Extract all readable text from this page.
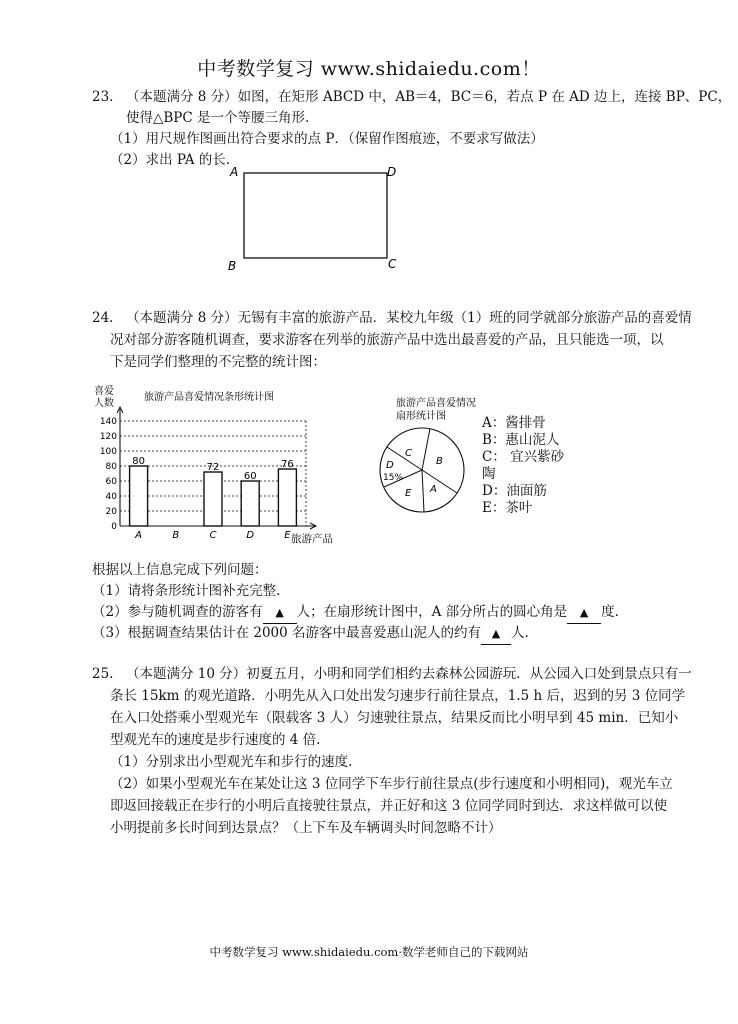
中考数学复习 www.shidaiedu.com！
23. （本题满分 8 分）如图，在矩形 ABCD 中，AB＝4，BC＝6，若点 P 在 AD 边上，连接 BP、PC，
使得△BPC 是一个等腰三角形.
（1）用尺规作图画出符合要求的点 P．（保留作图痕迹，不要求写做法）
（2）求出 PA 的长.
A	D
B	C
24. （本题满分 8 分）无锡有丰富的旅游产品．某校九年级（1）班的同学就部分旅游产品的喜爱情
况对部分游客随机调查，要求游客在列举的旅游产品中选出最喜爱的产品，且只能选一项，以
下是同学们整理的不完整的统计图：
喜爱
人数
旅游产品喜爱情况条形统计图
0
20
40
60
80
100
120
140
80
A	B
72
C
60
D
76
E 旅游产品
旅游产品喜爱情况
扇形统计图
C
B
D
15%
E A
A：酱排骨
B：惠山泥人
C： 宜兴紫砂
陶
D：油面筋
E：茶叶
根据以上信息完成下列问题：
（1）请将条形统计图补充完整.
（2）参与随机调查的游客有 ▲ 人；在扇形统计图中，A 部分所占的圆心角是 ▲ 度.
（3）根据调查结果估计在 2000 名游客中最喜爱惠山泥人的约有 ▲ 人.
25. （本题满分 10 分）初夏五月，小明和同学们相约去森林公园游玩．从公园入口处到景点只有一
条长 15km 的观光道路．小明先从入口处出发匀速步行前往景点，1.5 h 后，迟到的另 3 位同学
在入口处搭乘小型观光车（限载客 3 人）匀速驶往景点，结果反而比小明早到 45 min．已知小
型观光车的速度是步行速度的 4 倍.
（1）分别求出小型观光车和步行的速度.
（2）如果小型观光车在某处让这 3 位同学下车步行前往景点(步行速度和小明相同)，观光车立
即返回接载正在步行的小明后直接驶往景点，并正好和这 3 位同学同时到达．求这样做可以使
小明提前多长时间到达景点？（上下车及车辆调头时间忽略不计）
中考数学复习 www.shidaiedu.com·数学老师自己的下载网站
